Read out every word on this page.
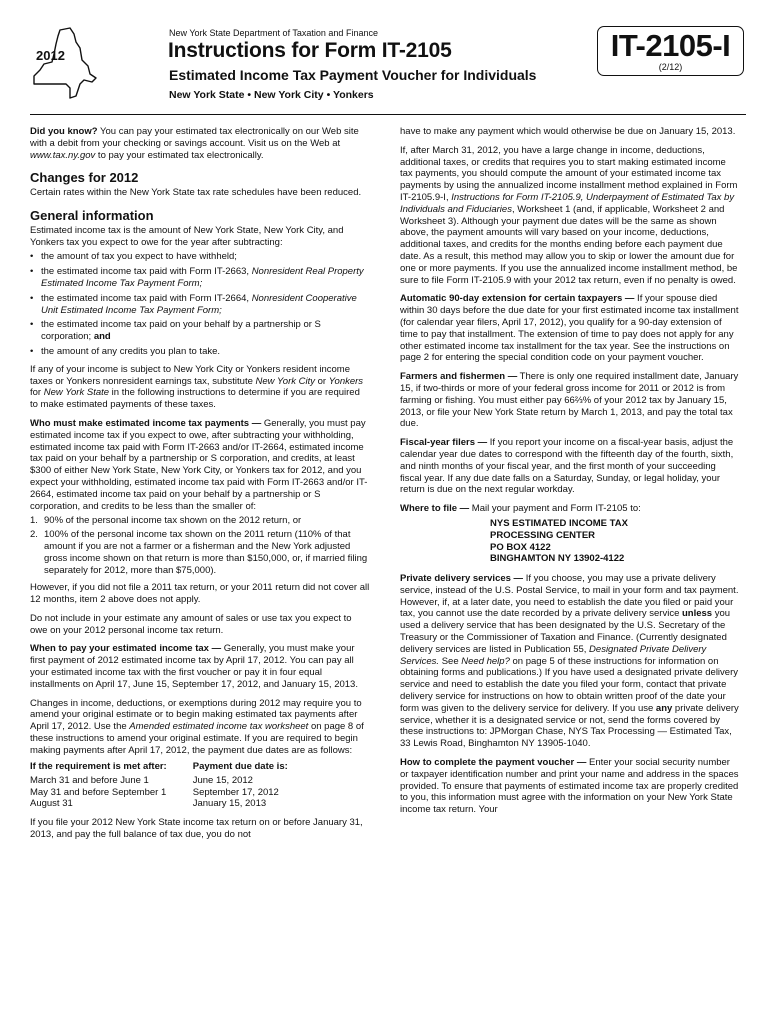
2012
New York State Department of Taxation and Finance
Instructions for Form IT-2105
Estimated Income Tax Payment Voucher for Individuals
New York State • New York City • Yonkers
IT-2105-I
(2/12)

Did you know? You can pay your estimated tax electronically on our Web site with a debit from your checking or savings account. Visit us on the Web at www.tax.ny.gov to pay your estimated tax electronically.

Changes for 2012

Certain rates within the New York State tax rate schedules have been reduced.

General information

Estimated income tax is the amount of New York State, New York City, and Yonkers tax you expect to owe for the year after subtracting:

• the amount of tax you expect to have withheld;
• the estimated income tax paid with Form IT-2663, Nonresident Real Property Estimated Income Tax Payment Form;
• the estimated income tax paid with Form IT-2664, Nonresident Cooperative Unit Estimated Income Tax Payment Form;
• the estimated income tax paid on your behalf by a partnership or S corporation; and
• the amount of any credits you plan to take.

If any of your income is subject to New York City or Yonkers resident income taxes or Yonkers nonresident earnings tax, substitute New York City or Yonkers for New York State in the following instructions to determine if you are required to make estimated payments of these taxes.

Who must make estimated income tax payments — Generally, you must pay estimated income tax if you expect to owe, after subtracting your withholding, estimated income tax paid with Form IT-2663 and/or IT-2664, estimated income tax paid on your behalf by a partnership or S corporation, and credits, at least $300 of either New York State, New York City, or Yonkers tax for 2012, and you expect your withholding, estimated income tax paid with Form IT-2663 and/or IT-2664, estimated income tax paid on your behalf by a partnership or S corporation, and credits to be less than the smaller of:

1. 90% of the personal income tax shown on the 2012 return, or
2. 100% of the personal income tax shown on the 2011 return (110% of that amount if you are not a farmer or a fisherman and the New York adjusted gross income shown on that return is more than $150,000, or, if married filing separately for 2012, more than $75,000).

However, if you did not file a 2011 tax return, or your 2011 return did not cover all 12 months, item 2 above does not apply.

Do not include in your estimate any amount of sales or use tax you expect to owe on your 2012 personal income tax return.

When to pay your estimated income tax — Generally, you must make your first payment of 2012 estimated income tax by April 17, 2012. You can pay all your estimated income tax with the first voucher or pay it in four equal installments on April 17, June 15, September 17, 2012, and January 15, 2013.

Changes in income, deductions, or exemptions during 2012 may require you to amend your original estimate or to begin making estimated tax payments after April 17, 2012. Use the Amended estimated income tax worksheet on page 8 of these instructions to amend your original estimate. If you are required to begin making payments after April 17, 2012, the payment due dates are as follows:

If the requirement is met after:	Payment due date is:
March 31 and before June 1	June 15, 2012
May 31 and before September 1	September 17, 2012
August 31	January 15, 2013

If you file your 2012 New York State income tax return on or before January 31, 2013, and pay the full balance of tax due, you do not

have to make any payment which would otherwise be due on January 15, 2013.

If, after March 31, 2012, you have a large change in income, deductions, additional taxes, or credits that requires you to start making estimated income tax payments, you should compute the amount of your estimated income tax payments by using the annualized income installment method explained in Form IT-2105.9-I, Instructions for Form IT-2105.9, Underpayment of Estimated Tax by Individuals and Fiduciaries, Worksheet 1 (and, if applicable, Worksheet 2 and Worksheet 3). Although your payment due dates will be the same as shown above, the payment amounts will vary based on your income, deductions, additional taxes, and credits for the months ending before each payment due date. As a result, this method may allow you to skip or lower the amount due for one or more payments. If you use the annualized income installment method, be sure to file Form IT-2105.9 with your 2012 tax return, even if no penalty is owed.

Automatic 90-day extension for certain taxpayers — If your spouse died within 30 days before the due date for your first estimated income tax installment (for calendar year filers, April 17, 2012), you qualify for a 90-day extension of time to pay that installment. The extension of time to pay does not apply for any other estimated income tax installment for the tax year. See the instructions on page 2 for entering the special condition code on your payment voucher.

Farmers and fishermen — There is only one required installment date, January 15, if two-thirds or more of your federal gross income for 2011 or 2012 is from farming or fishing. You must either pay 66⅔% of your 2012 tax by January 15, 2013, or file your New York State return by March 1, 2013, and pay the total tax due.

Fiscal-year filers — If you report your income on a fiscal-year basis, adjust the calendar year due dates to correspond with the fifteenth day of the fourth, sixth, and ninth months of your fiscal year, and the first month of your succeeding fiscal year. If any due date falls on a Saturday, Sunday, or legal holiday, your return is due on the next regular workday.

Where to file — Mail your payment and Form IT-2105 to:

NYS ESTIMATED INCOME TAX
PROCESSING CENTER
PO BOX 4122
BINGHAMTON NY 13902-4122

Private delivery services — If you choose, you may use a private delivery service, instead of the U.S. Postal Service, to mail in your form and tax payment. However, if, at a later date, you need to establish the date you filed or paid your tax, you cannot use the date recorded by a private delivery service unless you used a delivery service that has been designated by the U.S. Secretary of the Treasury or the Commissioner of Taxation and Finance. (Currently designated delivery services are listed in Publication 55, Designated Private Delivery Services. See Need help? on page 5 of these instructions for information on obtaining forms and publications.) If you have used a designated private delivery service and need to establish the date you filed your form, contact that private delivery service for instructions on how to obtain written proof of the date your form was given to the delivery service for delivery. If you use any private delivery service, whether it is a designated service or not, send the forms covered by these instructions to: JPMorgan Chase, NYS Tax Processing — Estimated Tax, 33 Lewis Road, Binghamton NY 13905-1040.

How to complete the payment voucher — Enter your social security number or taxpayer identification number and print your name and address in the spaces provided. To ensure that payments of estimated income tax are properly credited to you, this information must agree with the information on your New York State income tax return. Your
